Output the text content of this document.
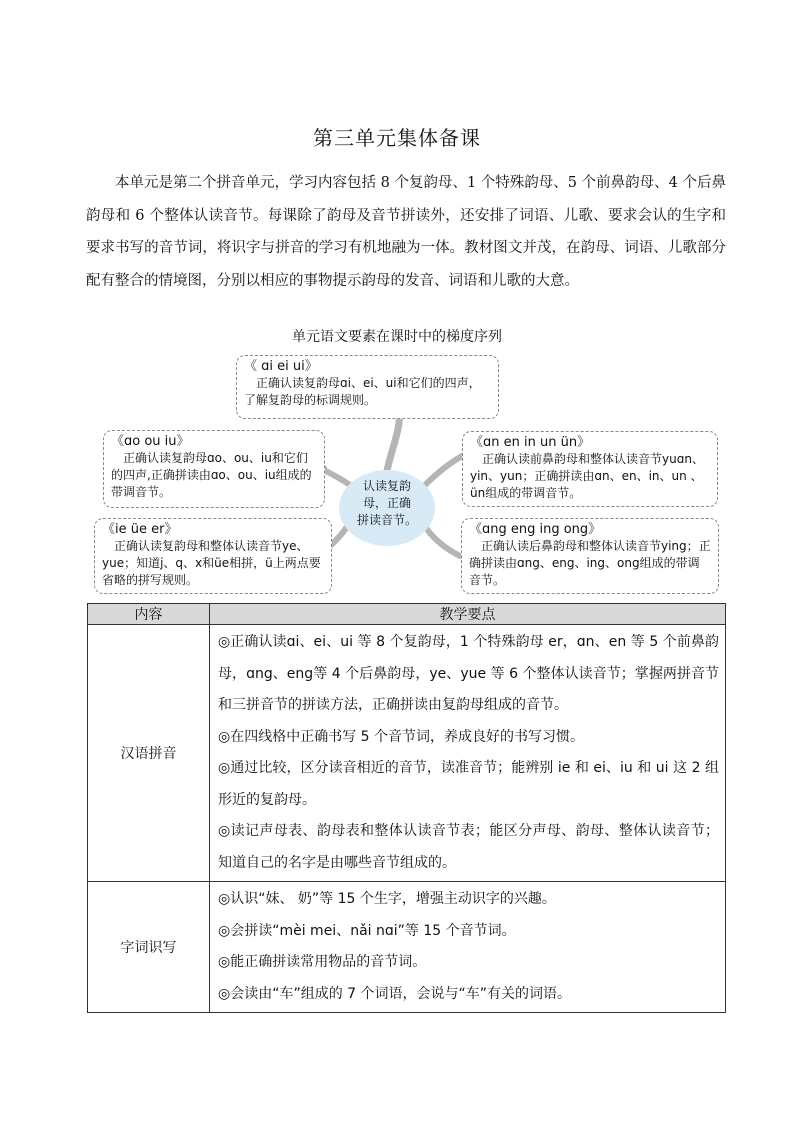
第三单元集体备课
本单元是第二个拼音单元，学习内容包括 8 个复韵母、1 个特殊韵母、5 个前鼻韵母、4 个后鼻韵母和 6 个整体认读音节。每课除了韵母及音节拼读外，还安排了词语、儿歌、要求会认的生字和要求书写的音节词，将识字与拼音的学习有机地融为一体。教材图文并茂，在韵母、词语、儿歌部分配有整合的情境图，分别以相应的事物提示韵母的发音、词语和儿歌的大意。
单元语文要素在课时中的梯度序列
《 ɑi ei ui》
正确认读复韵母ɑi、ei、ui和它们的四声，了解复韵母的标调规则。
《ɑo ou iu》
正确认读复韵母ɑo、ou、iu和它们的四声,正确拼读由ɑo、ou、iu组成的带调音节。
《ie üe er》
正确认读复韵母和整体认读音节ye、yue；知道j、q、x和üe相拼，ü上两点要省略的拼写规则。
《ɑn en in un ün》
正确认读前鼻韵母和整体认读音节yuɑn、yin、yun；正确拼读由ɑn、en、in、un 、ün组成的带调音节。
《ɑng eng ing ong》
正确认读后鼻韵母和整体认读音节ying；正确拼读由ɑng、eng、ing、ong组成的带调音节。
认读复韵
母，正确
拼读音节。
内容	教学要点
汉语拼音	◎正确认读ɑi、ei、ui 等 8 个复韵母，1 个特殊韵母 er，ɑn、en 等 5 个前鼻韵母，ɑng、eng等 4 个后鼻韵母，ye、yue 等 6 个整体认读音节；掌握两拼音节和三拼音节的拼读方法，正确拼读由复韵母组成的音节。

◎在四线格中正确书写 5 个音节词，养成良好的书写习惯。

◎通过比较，区分读音相近的音节，读准音节；能辨别 ie 和 ei、iu 和 ui 这 2 组形近的复韵母。

◎读记声母表、韵母表和整体认读音节表；能区分声母、韵母、整体认读音节；知道自己的名字是由哪些音节组成的。

字词识写	◎认识“妹、 奶”等 15 个生字，增强主动识字的兴趣。

◎会拼读“mèi mei、nǎi nɑi”等 15 个音节词。

◎能正确拼读常用物品的音节词。

◎会读由“车”组成的 7 个词语，会说与“车”有关的词语。
